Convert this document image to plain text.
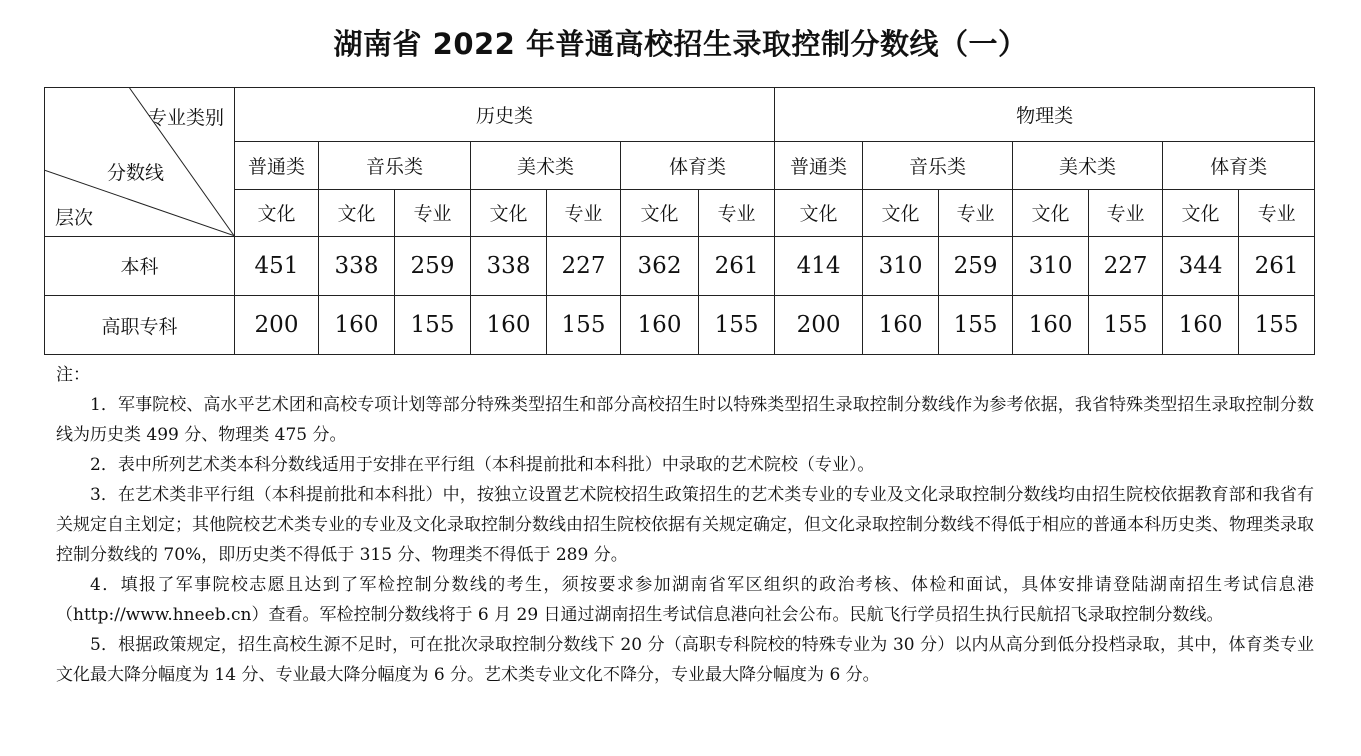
湖南省 2022 年普通高校招生录取控制分数线（一）
专业类别
分数线
层次	历史类							物理类						
	普通类	音乐类		美术类		体育类		普通类	音乐类		美术类		体育类	
	文化	文化	专业	文化	专业	文化	专业	文化	文化	专业	文化	专业	文化	专业
本科	451	338	259	338	227	362	261	414	310	259	310	227	344	261
高职专科	200	160	155	160	155	160	155	200	160	155	160	155	160	155

注：

1．军事院校、高水平艺术团和高校专项计划等部分特殊类型招生和部分高校招生时以特殊类型招生录取控制分数线作为参考依据，我省特殊类型招生录取控制分数线为历史类 499 分、物理类 475 分。

2．表中所列艺术类本科分数线适用于安排在平行组（本科提前批和本科批）中录取的艺术院校（专业）。

3．在艺术类非平行组（本科提前批和本科批）中，按独立设置艺术院校招生政策招生的艺术类专业的专业及文化录取控制分数线均由招生院校依据教育部和我省有关规定自主划定；其他院校艺术类专业的专业及文化录取控制分数线由招生院校依据有关规定确定，但文化录取控制分数线不得低于相应的普通本科历史类、物理类录取控制分数线的 70%，即历史类不得低于 315 分、物理类不得低于 289 分。

4．填报了军事院校志愿且达到了军检控制分数线的考生，须按要求参加湖南省军区组织的政治考核、体检和面试，具体安排请登陆湖南招生考试信息港（http://www.hneeb.cn）查看。军检控制分数线将于 6 月 29 日通过湖南招生考试信息港向社会公布。民航飞行学员招生执行民航招飞录取控制分数线。

5．根据政策规定，招生高校生源不足时，可在批次录取控制分数线下 20 分（高职专科院校的特殊专业为 30 分）以内从高分到低分投档录取，其中，体育类专业文化最大降分幅度为 14 分、专业最大降分幅度为 6 分。艺术类专业文化不降分，专业最大降分幅度为 6 分。
